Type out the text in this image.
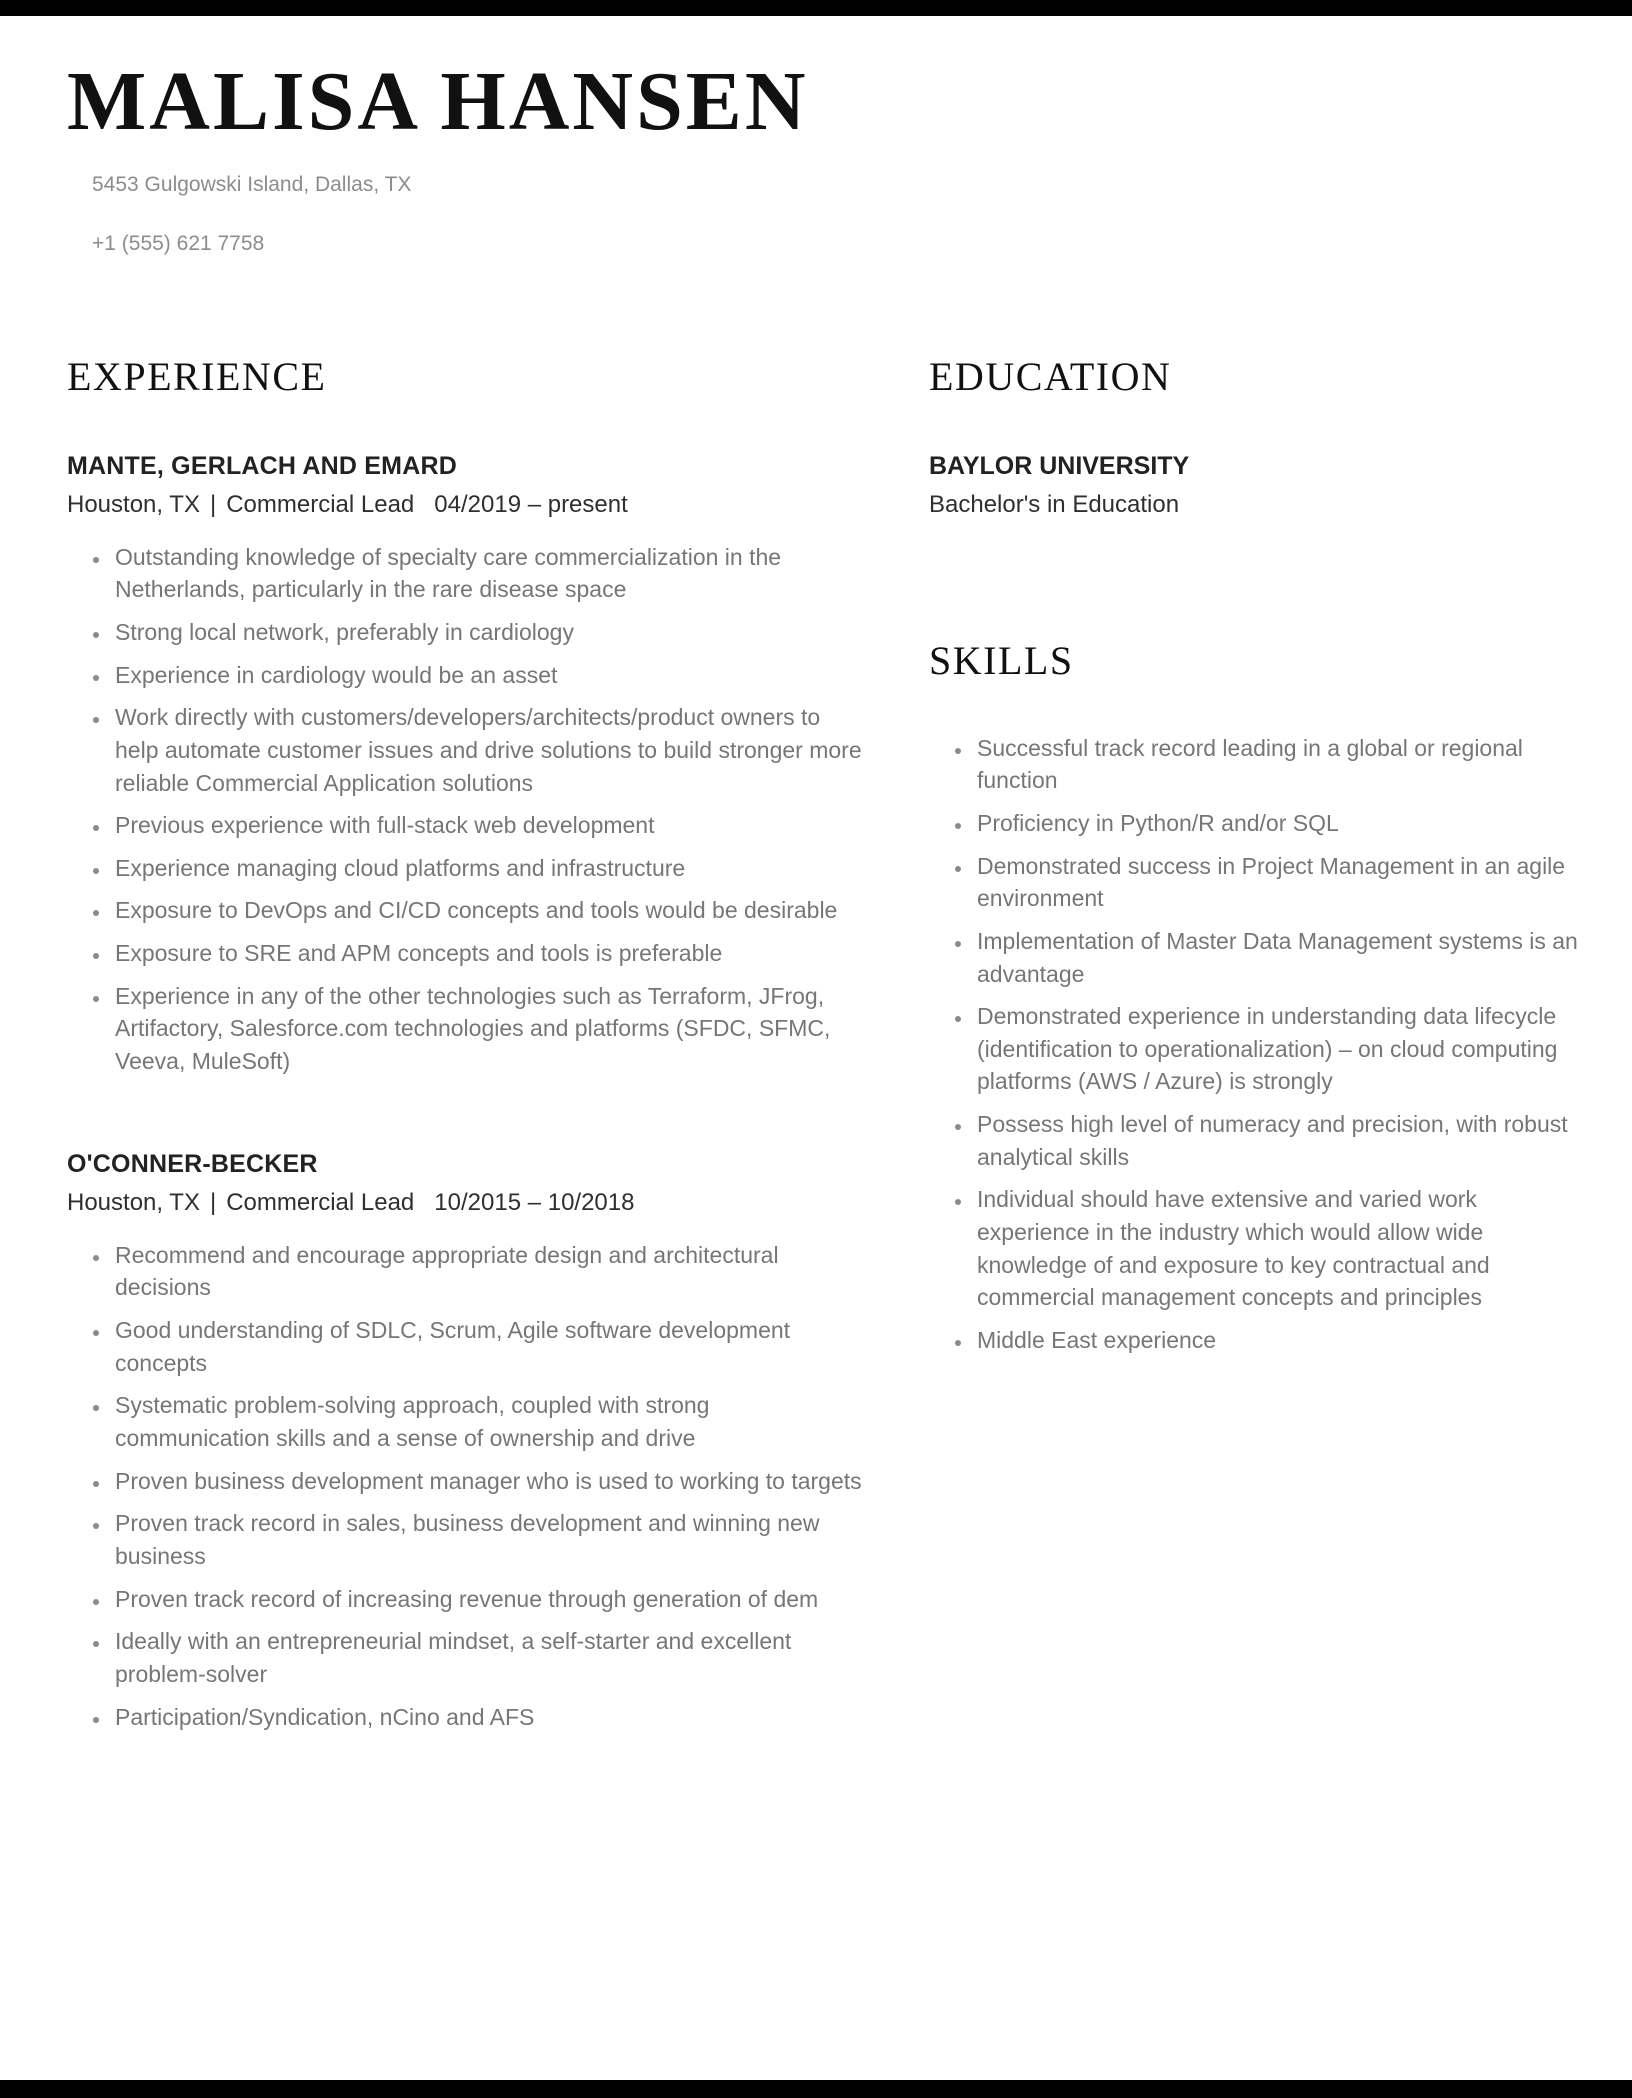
MALISA HANSEN
5453 Gulgowski Island, Dallas, TX
+1 (555) 621 7758
EXPERIENCE
MANTE, GERLACH AND EMARD
Houston, TX | Commercial Lead 04/2019 – present
• Outstanding knowledge of specialty care commercialization in the Netherlands, particularly in the rare disease space
• Strong local network, preferably in cardiology
• Experience in cardiology would be an asset
• Work directly with customers/developers/architects/product owners to help automate customer issues and drive solutions to build stronger more reliable Commercial Application solutions
• Previous experience with full-stack web development
• Experience managing cloud platforms and infrastructure
• Exposure to DevOps and CI/CD concepts and tools would be desirable
• Exposure to SRE and APM concepts and tools is preferable
• Experience in any of the other technologies such as Terraform, JFrog, Artifactory, Salesforce.com technologies and platforms (SFDC, SFMC, Veeva, MuleSoft)
O'CONNER-BECKER
Houston, TX | Commercial Lead 10/2015 – 10/2018
• Recommend and encourage appropriate design and architectural decisions
• Good understanding of SDLC, Scrum, Agile software development concepts
• Systematic problem-solving approach, coupled with strong communication skills and a sense of ownership and drive
• Proven business development manager who is used to working to targets
• Proven track record in sales, business development and winning new business
• Proven track record of increasing revenue through generation of dem
• Ideally with an entrepreneurial mindset, a self-starter and excellent problem-solver
• Participation/Syndication, nCino and AFS
EDUCATION
BAYLOR UNIVERSITY
Bachelor's in Education
SKILLS
• Successful track record leading in a global or regional function
• Proficiency in Python/R and/or SQL
• Demonstrated success in Project Management in an agile environment
• Implementation of Master Data Management systems is an advantage
• Demonstrated experience in understanding data lifecycle (identification to operationalization) – on cloud computing platforms (AWS / Azure) is strongly
• Possess high level of numeracy and precision, with robust analytical skills
• Individual should have extensive and varied work experience in the industry which would allow wide knowledge of and exposure to key contractual and commercial management concepts and principles
• Middle East experience
